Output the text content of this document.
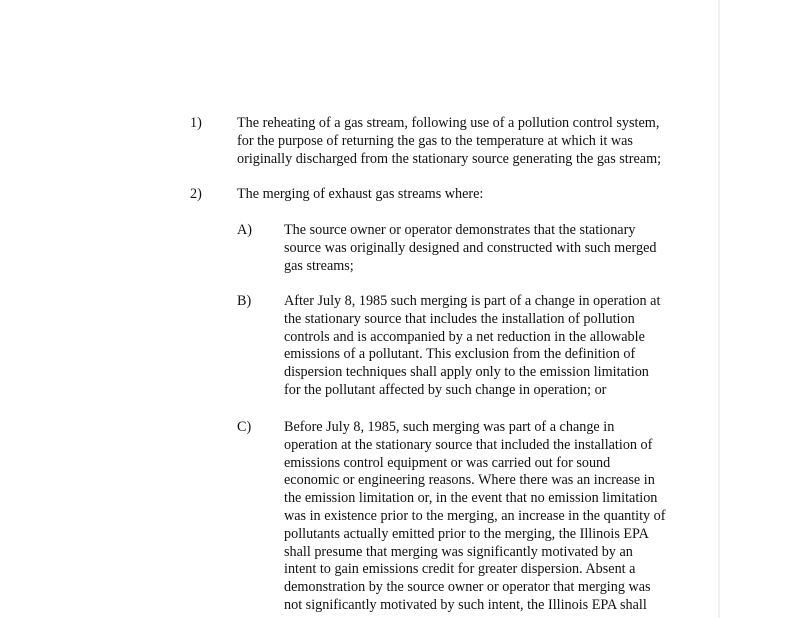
1) The reheating of a gas stream, following use of a pollution control system,
for the purpose of returning the gas to the temperature at which it was
originally discharged from the stationary source generating the gas stream;
2) The merging of exhaust gas streams where:
A) The source owner or operator demonstrates that the stationary
source was originally designed and constructed with such merged
gas streams;
B) After July 8, 1985 such merging is part of a change in operation at
the stationary source that includes the installation of pollution
controls and is accompanied by a net reduction in the allowable
emissions of a pollutant. This exclusion from the definition of
dispersion techniques shall apply only to the emission limitation
for the pollutant affected by such change in operation; or
C) Before July 8, 1985, such merging was part of a change in
operation at the stationary source that included the installation of
emissions control equipment or was carried out for sound
economic or engineering reasons. Where there was an increase in
the emission limitation or, in the event that no emission limitation
was in existence prior to the merging, an increase in the quantity of
pollutants actually emitted prior to the merging, the Illinois EPA
shall presume that merging was significantly motivated by an
intent to gain emissions credit for greater dispersion. Absent a
demonstration by the source owner or operator that merging was
not significantly motivated by such intent, the Illinois EPA shall
